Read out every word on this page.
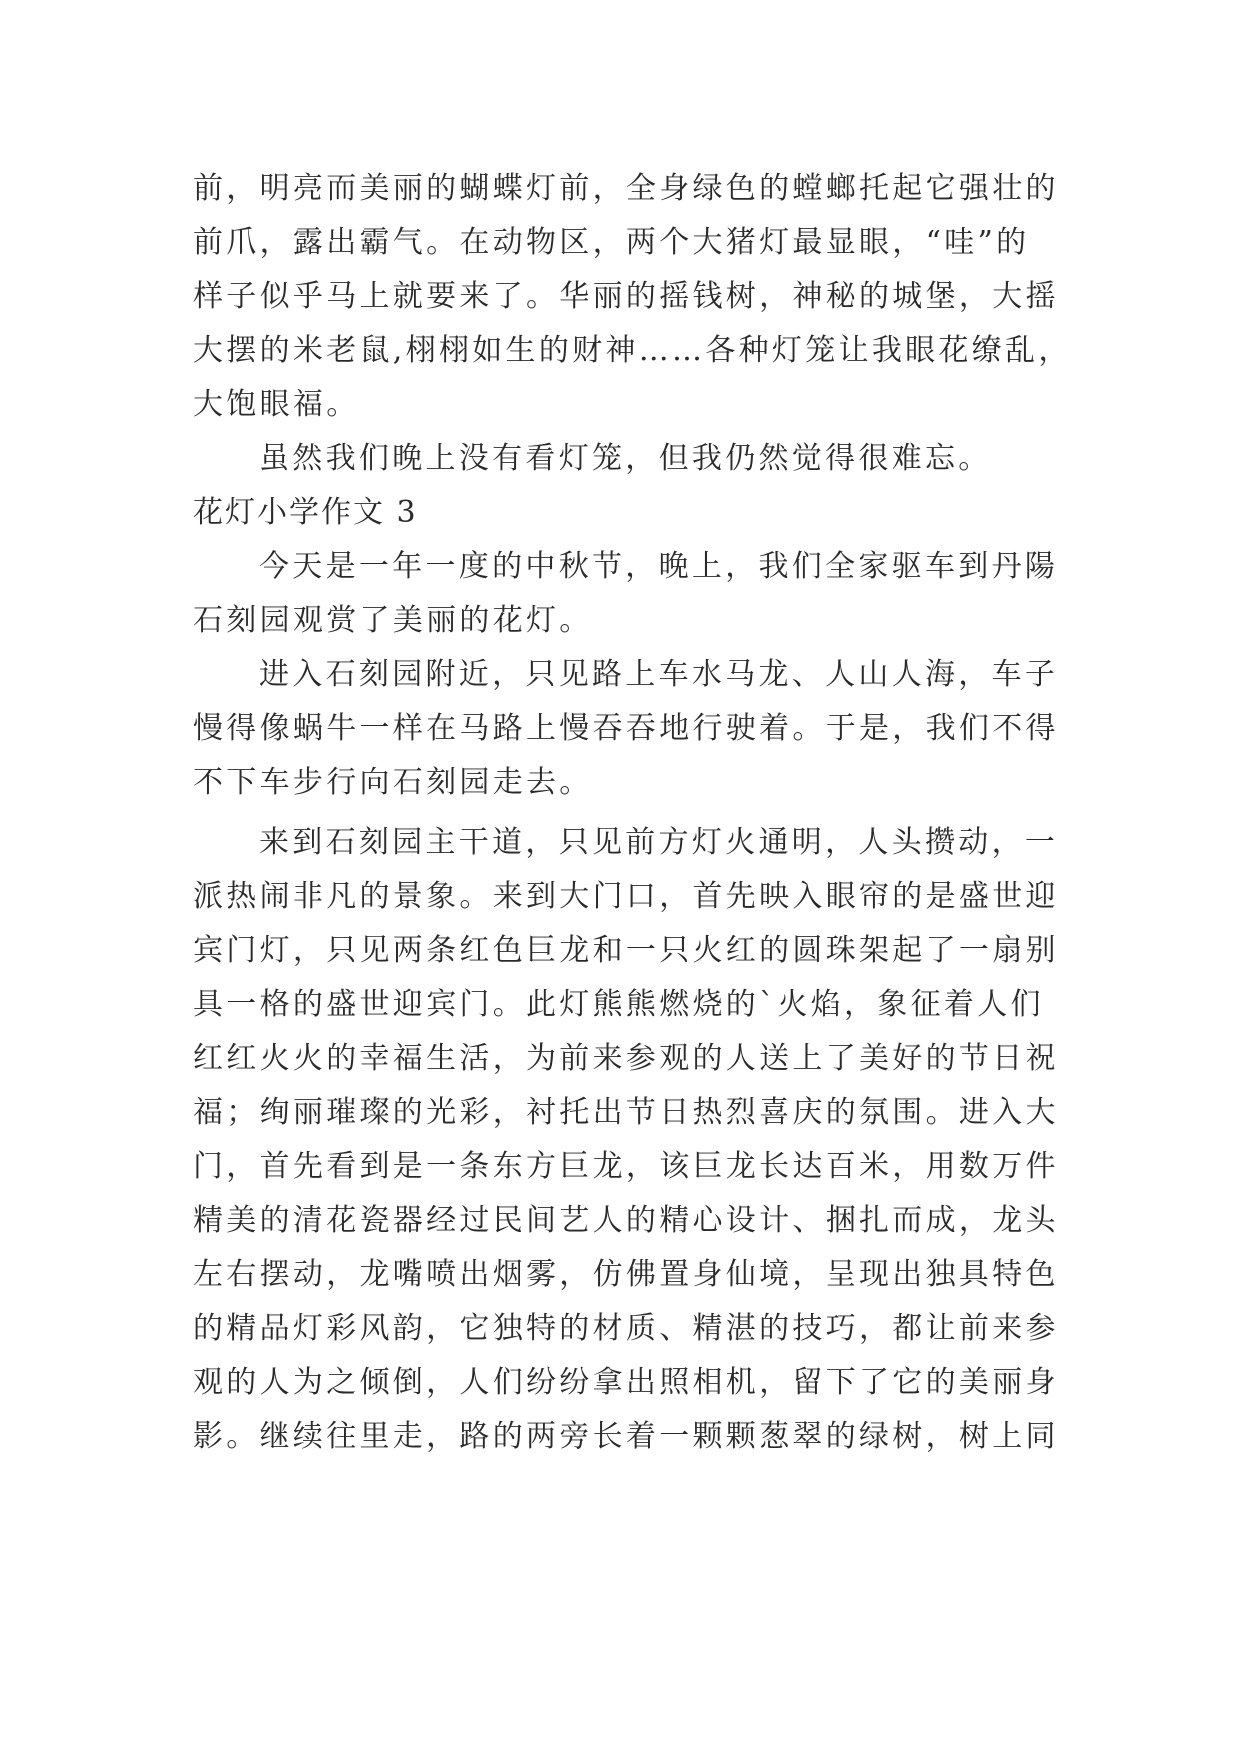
前，明亮而美丽的蝴蝶灯前，全身绿色的螳螂托起它强壮的
前爪，露出霸气。在动物区，两个大猪灯最显眼，“哇”的
样子似乎马上就要来了。华丽的摇钱树，神秘的城堡，大摇
大摆的米老鼠,栩栩如生的财神……各种灯笼让我眼花缭乱，
大饱眼福。
虽然我们晚上没有看灯笼，但我仍然觉得很难忘。
花灯小学作文 3
今天是一年一度的中秋节，晚上，我们全家驱车到丹陽
石刻园观赏了美丽的花灯。
进入石刻园附近，只见路上车水马龙、人山人海，车子
慢得像蜗牛一样在马路上慢吞吞地行驶着。于是，我们不得
不下车步行向石刻园走去。
来到石刻园主干道，只见前方灯火通明，人头攒动，一
派热闹非凡的景象。来到大门口，首先映入眼帘的是盛世迎
宾门灯，只见两条红色巨龙和一只火红的圆珠架起了一扇别
具一格的盛世迎宾门。此灯熊熊燃烧的`火焰，象征着人们
红红火火的幸福生活，为前来参观的人送上了美好的节日祝
福；绚丽璀璨的光彩，衬托出节日热烈喜庆的氛围。进入大
门，首先看到是一条东方巨龙，该巨龙长达百米，用数万件
精美的清花瓷器经过民间艺人的精心设计、捆扎而成，龙头
左右摆动，龙嘴喷出烟雾，仿佛置身仙境，呈现出独具特色
的精品灯彩风韵，它独特的材质、精湛的技巧，都让前来参
观的人为之倾倒，人们纷纷拿出照相机，留下了它的美丽身
影。继续往里走，路的两旁长着一颗颗葱翠的绿树，树上同
